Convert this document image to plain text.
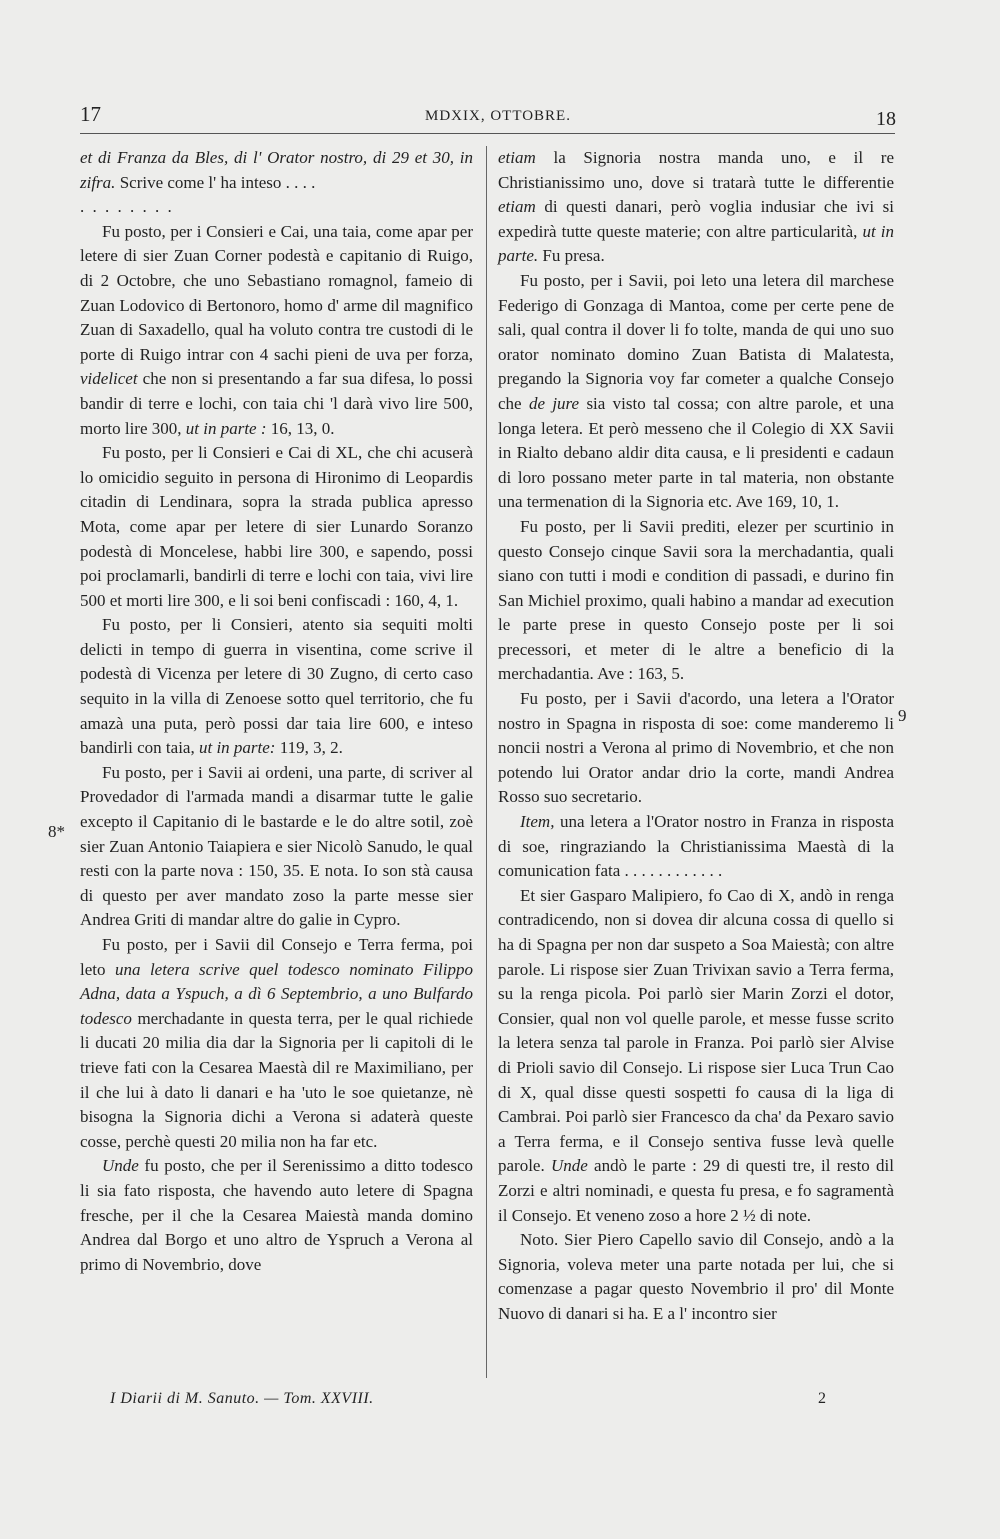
17	MDXIX, OTTOBRE.	18
8*
9

et di Franza da Bles, di l' Orator nostro, di 29 et 30, in zifra. Scrive come l' ha inteso . . . .

. . . . . . . .

Fu posto, per i Consieri e Cai, una taia, come apar per letere di sier Zuan Corner podestà e capitanio di Ruigo, di 2 Octobre, che uno Sebastiano romagnol, fameio di Zuan Lodovico di Bertonoro, homo d' arme dil magnifico Zuan di Saxadello, qual ha voluto contra tre custodi di le porte di Ruigo intrar con 4 sachi pieni de uva per forza, videlicet che non si presentando a far sua difesa, lo possi bandir di terre e lochi, con taia chi 'l darà vivo lire 500, morto lire 300, ut in parte : 16, 13, 0.

Fu posto, per li Consieri e Cai di XL, che chi acuserà lo omicidio seguito in persona di Hironimo di Leopardis citadin di Lendinara, sopra la strada publica apresso Mota, come apar per letere di sier Lunardo Soranzo podestà di Moncelese, habbi lire 300, e sapendo, possi poi proclamarli, bandirli di terre e lochi con taia, vivi lire 500 et morti lire 300, e li soi beni confiscadi : 160, 4, 1.

Fu posto, per li Consieri, atento sia sequiti molti delicti in tempo di guerra in visentina, come scrive il podestà di Vicenza per letere di 30 Zugno, di certo caso sequito in la villa di Zenoese sotto quel territorio, che fu amazà una puta, però possi dar taia lire 600, e inteso bandirli con taia, ut in parte: 119, 3, 2.

Fu posto, per i Savii ai ordeni, una parte, di scriver al Provedador di l'armada mandi a disarmar tutte le galie excepto il Capitanio di le bastarde e le do altre sotil, zoè sier Zuan Antonio Taiapiera e sier Nicolò Sanudo, le qual resti con la parte nova : 150, 35. E nota. Io son stà causa di questo per aver mandato zoso la parte messe sier Andrea Griti di mandar altre do galie in Cypro.

Fu posto, per i Savii dil Consejo e Terra ferma, poi leto una letera scrive quel todesco nominato Filippo Adna, data a Yspuch, a dì 6 Septembrio, a uno Bulfardo todesco merchadante in questa terra, per le qual richiede li ducati 20 milia dia dar la Signoria per li capitoli di le trieve fati con la Cesarea Maestà dil re Maximiliano, per il che lui à dato li danari e ha 'uto le soe quietanze, nè bisogna la Signoria dichi a Verona si adaterà queste cosse, perchè questi 20 milia non ha far etc.

Unde fu posto, che per il Serenissimo a ditto todesco li sia fato risposta, che havendo auto letere di Spagna fresche, per il che la Cesarea Maiestà manda domino Andrea dal Borgo et uno altro de Yspruch a Verona al primo di Novembrio, dove

etiam la Signoria nostra manda uno, e il re Christianissimo uno, dove si tratarà tutte le differentie etiam di questi danari, però voglia indusiar che ivi si expedirà tutte queste materie; con altre particularità, ut in parte. Fu presa.

Fu posto, per i Savii, poi leto una letera dil marchese Federigo di Gonzaga di Mantoa, come per certe pene de sali, qual contra il dover li fo tolte, manda de qui uno suo orator nominato domino Zuan Batista di Malatesta, pregando la Signoria voy far cometer a qualche Consejo che de jure sia visto tal cossa; con altre parole, et una longa letera. Et però messeno che il Colegio di XX Savii in Rialto debano aldir dita causa, e li presidenti e cadaun di loro possano meter parte in tal materia, non obstante una termenation di la Signoria etc. Ave 169, 10, 1.

Fu posto, per li Savii prediti, elezer per scurtinio in questo Consejo cinque Savii sora la merchadantia, quali siano con tutti i modi e condition di passadi, e durino fin San Michiel proximo, quali habino a mandar ad execution le parte prese in questo Consejo poste per li soi precessori, et meter di le altre a beneficio di la merchadantia. Ave : 163, 5.

Fu posto, per i Savii d'acordo, una letera a l'Orator nostro in Spagna in risposta di soe: come manderemo li noncii nostri a Verona al primo di Novembrio, et che non potendo lui Orator andar drio la corte, mandi Andrea Rosso suo secretario.

Item, una letera a l'Orator nostro in Franza in risposta di soe, ringraziando la Christianissima Maestà di la comunication fata . . . . . . . . . . . .

Et sier Gasparo Malipiero, fo Cao di X, andò in renga contradicendo, non si dovea dir alcuna cossa di quello si ha di Spagna per non dar suspeto a Soa Maiestà; con altre parole. Li rispose sier Zuan Trivixan savio a Terra ferma, su la renga picola. Poi parlò sier Marin Zorzi el dotor, Consier, qual non vol quelle parole, et messe fusse scrito la letera senza tal parole in Franza. Poi parlò sier Alvise di Prioli savio dil Consejo. Li rispose sier Luca Trun Cao di X, qual disse questi sospetti fo causa di la liga di Cambrai. Poi parlò sier Francesco da cha' da Pexaro savio a Terra ferma, e il Consejo sentiva fusse levà quelle parole. Unde andò le parte : 29 di questi tre, il resto dil Zorzi e altri nominadi, e questa fu presa, e fo sagramentà il Consejo. Et veneno zoso a hore 2 ½ di note.

Noto. Sier Piero Capello savio dil Consejo, andò a la Signoria, voleva meter una parte notada per lui, che si comenzase a pagar questo Novembrio il pro' dil Monte Nuovo di danari si ha. E a l' incontro sier

I Diarii di M. Sanuto. — Tom. XXVIII.	2
